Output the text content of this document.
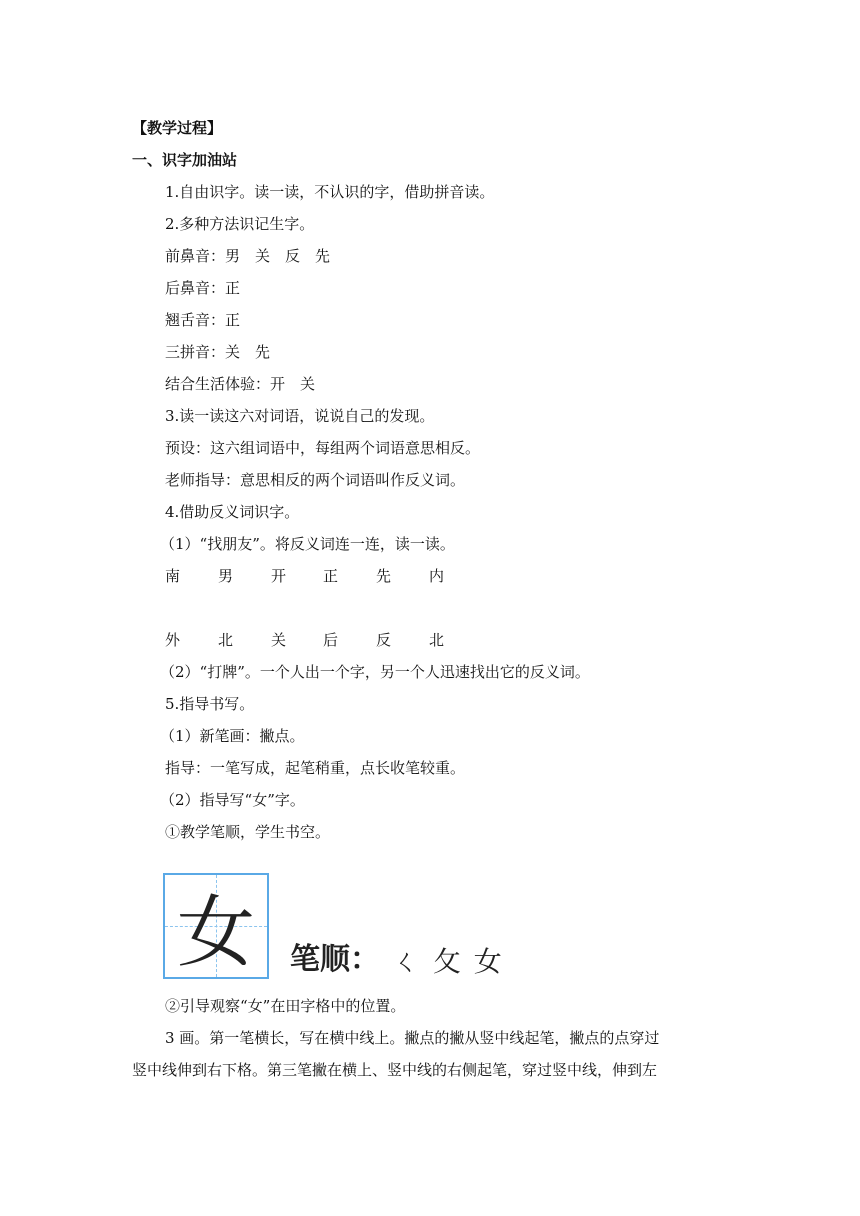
【教学过程】
一、识字加油站
1.自由识字。读一读，不认识的字，借助拼音读。
2.多种方法识记生字。
前鼻音：男　关　反　先
后鼻音：正
翘舌音：正
三拼音：关　先
结合生活体验：开　关
3.读一读这六对词语，说说自己的发现。
预设：这六组词语中，每组两个词语意思相反。
老师指导：意思相反的两个词语叫作反义词。
4.借助反义词识字。
（1）“找朋友”。将反义词连一连，读一读。
南	男	开 正	先	内
外	北	关 后	反	北
（2）“打牌”。一个人出一个字，另一个人迅速找出它的反义词。
5.指导书写。
（1）新笔画：撇点。
指导：一笔写成，起笔稍重，点长收笔较重。
（2）指导写“女”字。
①教学笔顺，学生书空。
女	笔顺： ㄑ 攵 女
②引导观察“女”在田字格中的位置。
3 画。第一笔横长，写在横中线上。撇点的撇从竖中线起笔，撇点的点穿过
竖中线伸到右下格。第三笔撇在横上、竖中线的右侧起笔，穿过竖中线，伸到左
